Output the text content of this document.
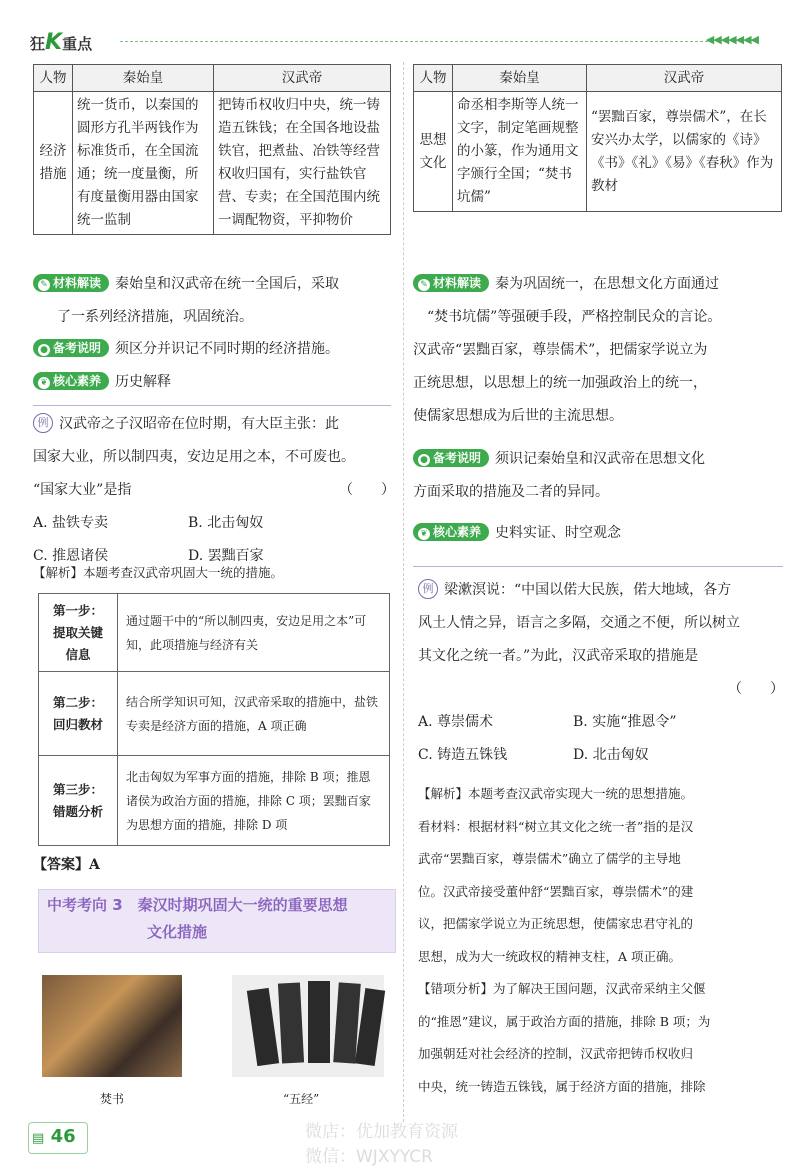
狂K重点	◀◀◀◀◀◀◀
人物	秦始皇	汉武帝
经济措施	统一货币，以秦国的圆形方孔半两钱作为标准货币，在全国流通；统一度量衡，所有度量衡用器由国家统一监制	把铸币权收归中央，统一铸造五铢钱；在全国各地设盐铁官，把煮盐、冶铁等经营权收归国有，实行盐铁官营、专卖；在全国范围内统一调配物资，平抑物价
✎ 材料解读 秦始皇和汉武帝在统一全国后，采取
了一系列经济措施，巩固统治。
● 备考说明 须区分并识记不同时期的经济措施。
❦ 核心素养 历史解释
例 汉武帝之子汉昭帝在位时期，有大臣主张：此
国家大业，所以制四夷，安边足用之本，不可废也。
“国家大业”是指	（　　）

A. 盐铁专卖	B. 北击匈奴
C. 推恩诸侯	D. 罢黜百家
【解析】本题考查汉武帝巩固大一统的措施。
第一步：
提取关键
信息	通过题干中的“所以制四夷，安边足用之本”可知，此项措施与经济有关
第二步：
回归教材	结合所学知识可知，汉武帝采取的措施中，盐铁专卖是经济方面的措施，A 项正确
第三步：
错题分析	北击匈奴为军事方面的措施，排除 B 项；推恩诸侯为政治方面的措施，排除 C 项；罢黜百家为思想方面的措施，排除 D 项
【答案】A
中考考向 3　秦汉时期巩固大一统的重要思想
文化措施
焚书	“五经”
人物	秦始皇	汉武帝
思想文化	命丞相李斯等人统一文字，制定笔画规整的小篆，作为通用文字颁行全国；“焚书坑儒”	“罢黜百家，尊崇儒术”，在长安兴办太学，以儒家的《诗》《书》《礼》《易》《春秋》作为教材
✎ 材料解读 秦为巩固统一，在思想文化方面通过
“焚书坑儒”等强硬手段，严格控制民众的言论。
汉武帝“罢黜百家，尊崇儒术”，把儒家学说立为
正统思想，以思想上的统一加强政治上的统一，
使儒家思想成为后世的主流思想。
● 备考说明 须识记秦始皇和汉武帝在思想文化
方面采取的措施及二者的异同。
❦ 核心素养 史料实证、时空观念
例 梁漱溟说：“中国以偌大民族，偌大地域，各方
风土人情之异，语言之多隔，交通之不便，所以树立
其文化之统一者。”为此，汉武帝采取的措施是

（　　）

A. 尊崇儒术	B. 实施“推恩令”
C. 铸造五铢钱	D. 北击匈奴
【解析】本题考查汉武帝实现大一统的思想措施。
看材料：根据材料“树立其文化之统一者”指的是汉
武帝“罢黜百家，尊崇儒术”确立了儒学的主导地
位。汉武帝接受董仲舒“罢黜百家，尊崇儒术”的建
议，把儒家学说立为正统思想，使儒家忠君守礼的
思想，成为大一统政权的精神支柱，A 项正确。
【错项分析】为了解决王国问题，汉武帝采纳主父偃
的“推恩”建议，属于政治方面的措施，排除 B 项；为
加强朝廷对社会经济的控制，汉武帝把铸币权收归
中央，统一铸造五铢钱，属于经济方面的措施，排除
▤ 46	微店：优加教育资源
微信：WJXYYCR
